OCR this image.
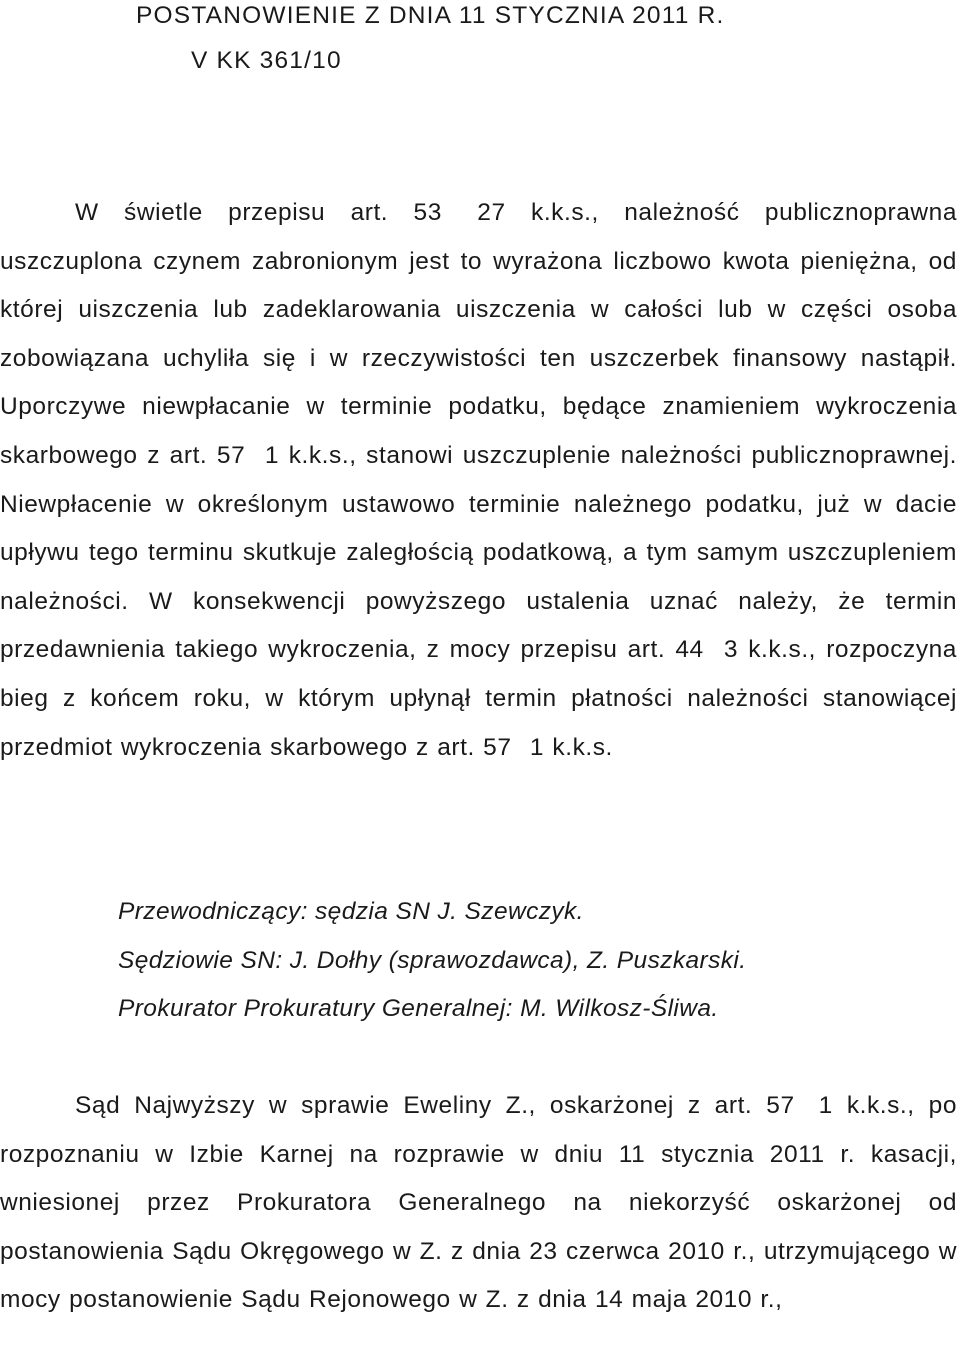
POSTANOWIENIE Z DNIA 11 STYCZNIA 2011 R.
V KK 361/10

W świetle przepisu art. 53 27 k.k.s., należność publicznoprawna uszczuplona czynem zabronionym jest to wyrażona liczbowo kwota pieniężna, od której uiszczenia lub zadeklarowania uiszczenia w całości lub w części osoba zobowiązana uchyliła się i w rzeczywistości ten uszczerbek finansowy nastąpił. Uporczywe niewpłacanie w terminie podatku, będące znamieniem wykroczenia skarbowego z art. 57 1 k.k.s., stanowi uszczuplenie należności publicznoprawnej. Niewpłacenie w określonym ustawowo terminie należnego podatku, już w dacie upływu tego terminu skutkuje zaległością podatkową, a tym samym uszczupleniem należności. W konsekwencji powyższego ustalenia uznać należy, że termin przedawnienia takiego wykroczenia, z mocy przepisu art. 44 3 k.k.s., rozpoczyna bieg z końcem roku, w którym upłynął termin płatności należności stanowiącej przedmiot wykroczenia skarbowego z art. 57 1 k.k.s.

Przewodniczący: sędzia SN J. Szewczyk.
Sędziowie SN: J. Dołhy (sprawozdawca), Z. Puszkarski.
Prokurator Prokuratury Generalnej: M. Wilkosz-Śliwa.

Sąd Najwyższy w sprawie Eweliny Z., oskarżonej z art. 57 1 k.k.s., po rozpoznaniu w Izbie Karnej na rozprawie w dniu 11 stycznia 2011 r. kasacji, wniesionej przez Prokuratora Generalnego na niekorzyść oskarżonej od postanowienia Sądu Okręgowego w Z. z dnia 23 czerwca 2010 r., utrzymującego w mocy postanowienie Sądu Rejonowego w Z. z dnia 14 maja 2010 r.,
